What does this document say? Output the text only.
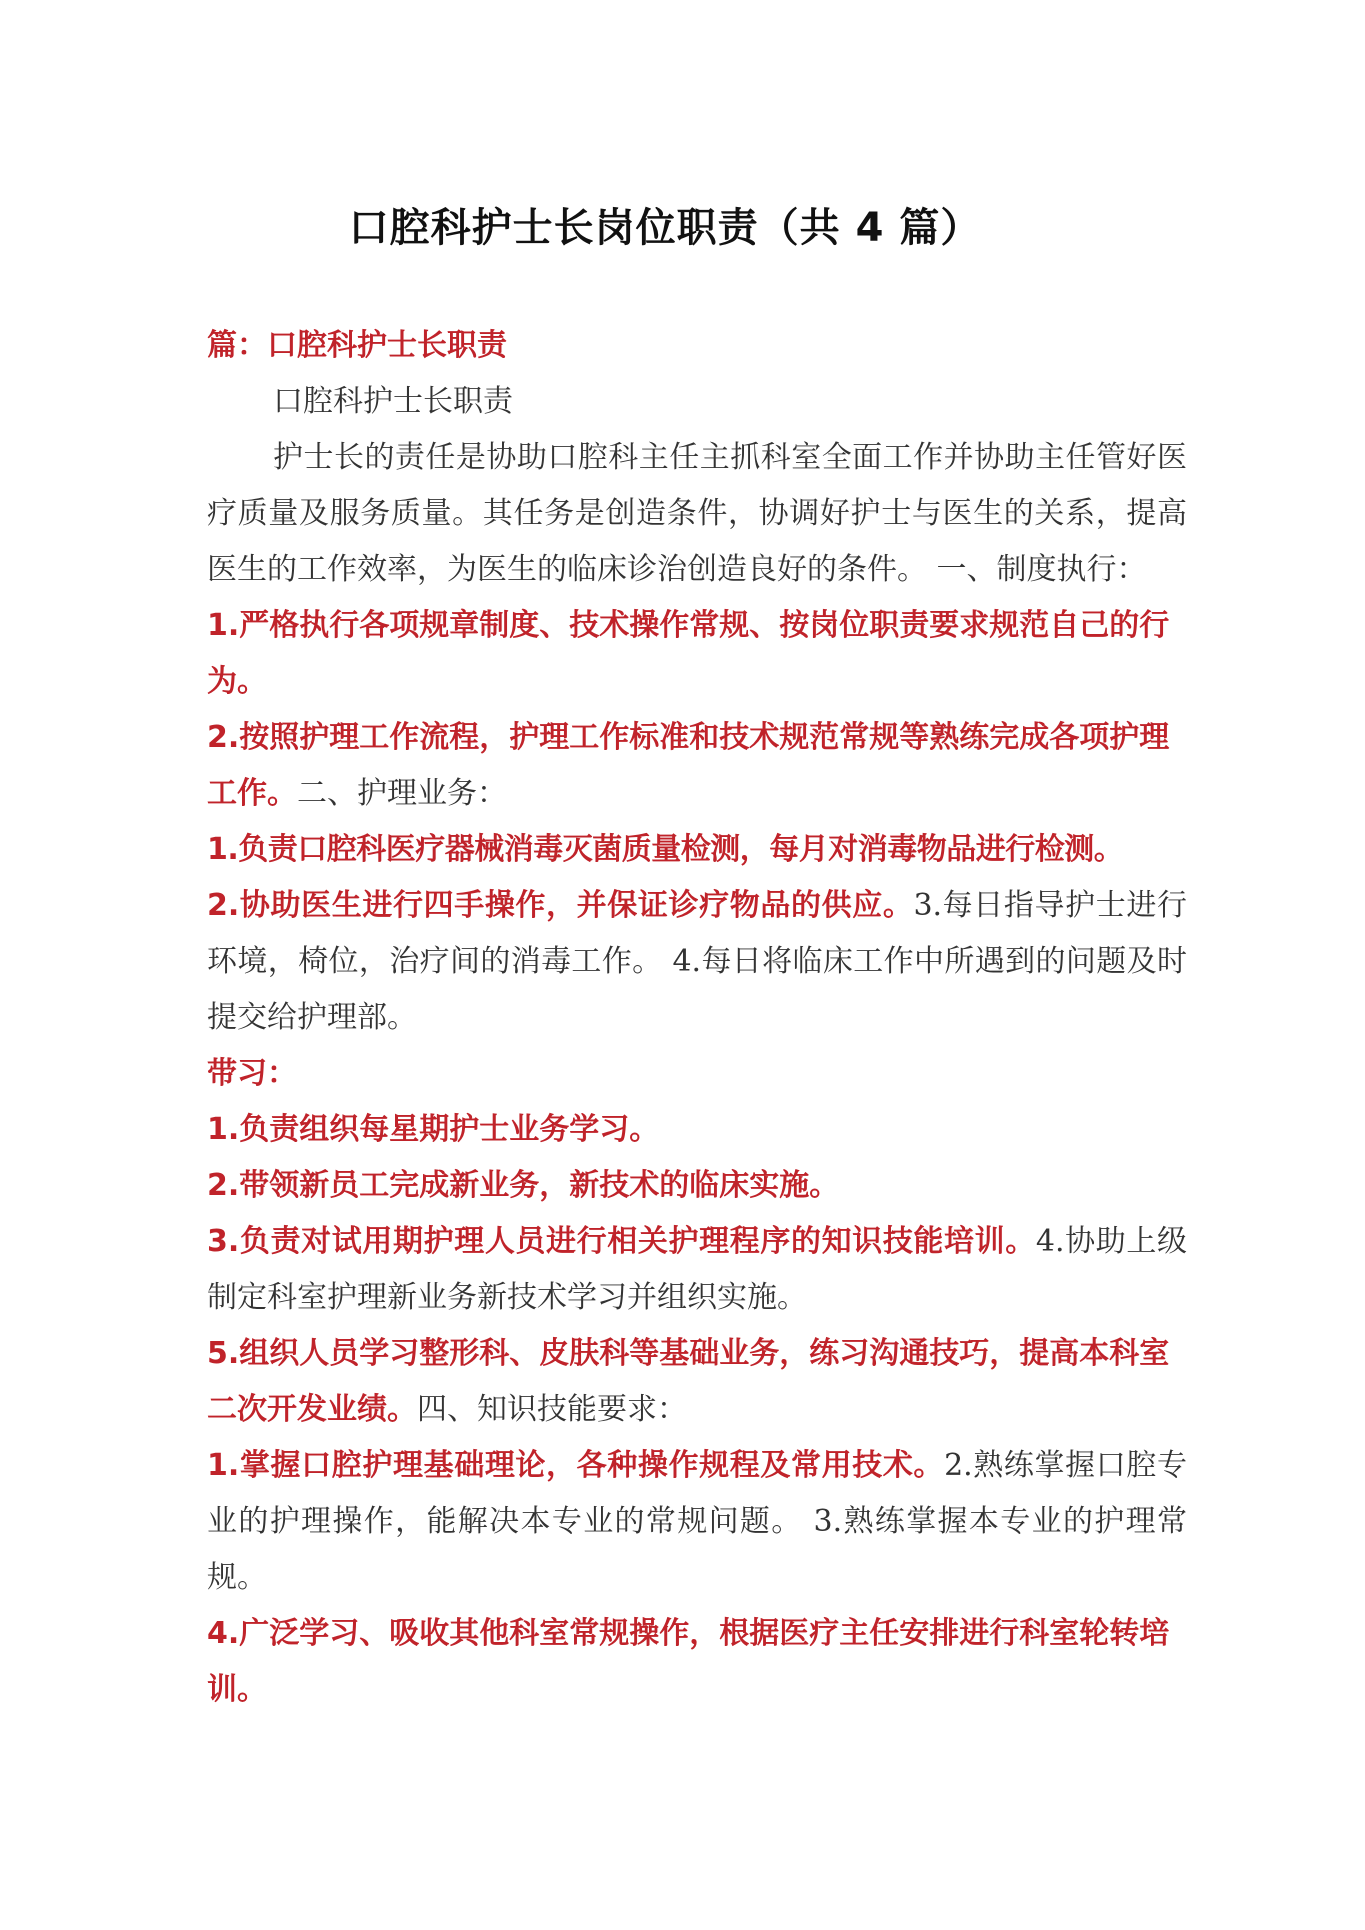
口腔科护士长岗位职责（共 4 篇）

篇：口腔科护士长职责

口腔科护士长职责

护士长的责任是协助口腔科主任主抓科室全面工作并协助主任管好医疗质量及服务质量。其任务是创造条件，协调好护士与医生的关系，提高医生的工作效率，为医生的临床诊治创造良好的条件。 一、制度执行：

1.严格执行各项规章制度、技术操作常规、按岗位职责要求规范自己的行为。

2.按照护理工作流程，护理工作标准和技术规范常规等熟练完成各项护理工作。二、护理业务：

1.负责口腔科医疗器械消毒灭菌质量检测，每月对消毒物品进行检测。

2.协助医生进行四手操作，并保证诊疗物品的供应。3.每日指导护士进行环境，椅位，治疗间的消毒工作。 4.每日将临床工作中所遇到的问题及时提交给护理部。

带习：

1.负责组织每星期护士业务学习。

2.带领新员工完成新业务，新技术的临床实施。

3.负责对试用期护理人员进行相关护理程序的知识技能培训。4.协助上级制定科室护理新业务新技术学习并组织实施。

5.组织人员学习整形科、皮肤科等基础业务，练习沟通技巧，提高本科室二次开发业绩。四、知识技能要求：

1.掌握口腔护理基础理论，各种操作规程及常用技术。2.熟练掌握口腔专业的护理操作，能解决本专业的常规问题。 3.熟练掌握本专业的护理常规。

4.广泛学习、吸收其他科室常规操作，根据医疗主任安排进行科室轮转培训。
